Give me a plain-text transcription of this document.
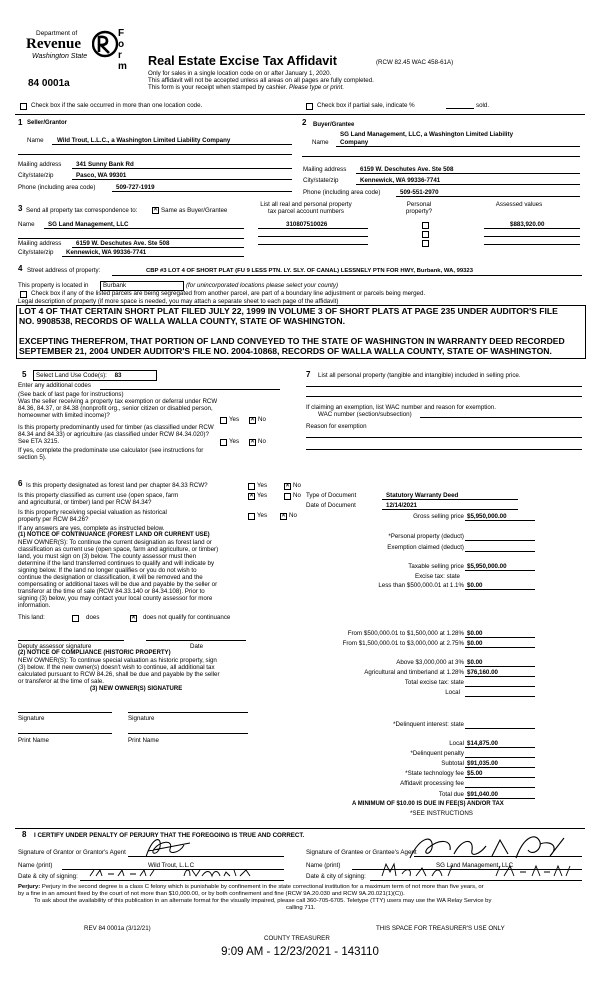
Department of
Revenue
Washington State
F
o
r
m
84 0001a
Real Estate Excise Tax Affidavit	(RCW 82.45 WAC 458-61A)
Only for sales in a single location code on or after January 1, 2020.
This affidavit will not be accepted unless all areas on all pages are fully completed.
This form is your receipt when stamped by cashier. Please type or print.
Check box if the sale occurred in more than one location code.	Check box if partial sale, indicate %	sold.
1 Seller/Grantor
Name Wild Trout, L.L.C., a Washington Limited Liability Company
Mailing address 341 Sunny Bank Rd
City/state/zip	Pasco, WA 99301
Phone (including area code)	509-727-1919
2 Buyer/Grantee
SG Land Management, LLC, a Washington Limited Liability
Name Company
Mailing address 6159 W. Deschutes Ave. Ste 508
City/state/zip	Kennewick, WA 99336-7741
Phone (including area code)	509-551-2970
3 Send all property tax correspondence to:	✕ Same as Buyer/Grantee
Name SG Land Management, LLC
Mailing address 6159 W. Deschutes Ave. Ste 508
City/state/zip Kennewick, WA 99336-7741
List all real and personal property tax parcel account numbers
Personal property?
Assessed values
310807510026	$883,920.00
4 Street address of property:	CBP #3 LOT 4 OF SHORT PLAT (FU 9 LESS PTN. LY. SLY. OF CANAL) LESSNELY PTN FOR HWY, Burbank, WA, 99323
This property is located in	Burbank	(for unincorporated locations please select your county)
Check box if any of the listed parcels are being segregated from another parcel, are part of a boundary line adjustment or parcels being merged.
Legal description of property (if more space is needed, you may attach a separate sheet to each page of the affidavit)
LOT 4 OF THAT CERTAIN SHORT PLAT FILED JULY 22, 1999 IN VOLUME 3 OF SHORT PLATS AT PAGE 235 UNDER AUDITOR'S FILE
NO. 9908538, RECORDS OF WALLA WALLA COUNTY, STATE OF WASHINGTON.
EXCEPTING THEREFROM, THAT PORTION OF LAND CONVEYED TO THE STATE OF WASHINGTON IN WARRANTY DEED RECORDED
SEPTEMBER 21, 2004 UNDER AUDITOR'S FILE NO. 2004-10868, RECORDS OF WALLA WALLA COUNTY, STATE OF WASHINGTON.
5	Select Land Use Code(s): 83
Enter any additional codes
(See back of last page for instructions)
Was the seller receiving a property tax exemption or deferral under RCW
84.36, 84.37, or 84.38 (nonprofit org., senior citizen or disabled person,
homeowner with limited income)?
Yes ✕ No
Is this property predominantly used for timber (as classified under RCW
84.34 and 84.33) or agriculture (as classified under RCW 84.34.020)?
See ETA 3215.	Yes ✕ No
If yes, complete the predominate use calculator (see instructions for
section 5).
7 List all personal property (tangible and intangible) included in selling price.
If claiming an exemption, list WAC number and reason for exemption.
WAC number (section/subsection)
Reason for exemption
6 Is this property designated as forest land per chapter 84.33 RCW?	Yes	✕ No
Is this property classified as current use (open space, farm
and agricultural, or timber) land per RCW 84.34?
✕ Yes	No
Is this property receiving special valuation as historical
property per RCW 84.26?
Yes ✕ No
If any answers are yes, complete as instructed below.
(1) NOTICE OF CONTINUANCE (FOREST LAND OR CURRENT USE)
NEW OWNER(S): To continue the current designation as forest land or
classification as current use (open space, farm and agriculture, or timber)
land, you must sign on (3) below. The county assessor must then
determine if the land transferred continues to qualify and will indicate by
signing below. If the land no longer qualifies or you do not wish to
continue the designation or classification, it will be removed and the
compensating or additional taxes will be due and payable by the seller or
transferor at the time of sale (RCW 84.33.140 or 84.34.108). Prior to
signing (3) below, you may contact your local county assessor for more
information.
This land:	does	✕ does not qualify for continuance
Deputy assessor signature	Date
(2) NOTICE OF COMPLIANCE (HISTORIC PROPERTY)
NEW OWNER(S): To continue special valuation as historic property, sign
(3) below. If the new owner(s) doesn't wish to continue, all additional tax
calculated pursuant to RCW 84.26, shall be due and payable by the seller
or transferor at the time of sale.
(3) NEW OWNER(S) SIGNATURE
Signature	Signature
Print Name	Print Name
Type of Document	Statutory Warranty Deed
Date of Document	12/14/2021
Gross selling price $5,950,000.00
*Personal property (deduct)
Exemption claimed (deduct)
Taxable selling price $5,950,000.00
Excise tax: state
Less than $500,000.01 at 1.1% $0.00
From $500,000.01 to $1,500,000 at 1.28% $0.00
From $1,500,000.01 to $3,000,000 at 2.75% $0.00
Above $3,000,000 at 3% $0.00
Agricultural and timberland at 1.28% $76,160.00
Total excise tax: state
Local
*Delinquent interest: state
Local $14,875.00
*Delinquent penalty
Subtotal $91,035.00
*State technology fee $5.00
Affidavit processing fee
Total due $91,040.00
A MINIMUM OF $10.00 IS DUE IN FEE(S) AND/OR TAX
*SEE INSTRUCTIONS
8 I CERTIFY UNDER PENALTY OF PERJURY THAT THE FOREGOING IS TRUE AND CORRECT.
Signature of Grantor or Grantor's Agent
Name (print)	Wild Trout, L.L.C
Date & city of signing:
Signature of Grantee or Grantee's Agent
Name (print)	SG Land Management, LLC
Date & city of signing:
Perjury: Perjury in the second degree is a class C felony which is punishable by confinement in the state correctional institution for a maximum term of not more than five years, or
by a fine in an amount fixed by the court of not more than $10,000.00, or by both confinement and fine (RCW 9A.20.030 and RCW 9A.20.021(1)(C)).
To ask about the availability of this publication in an alternate format for the visually impaired, please call 360-705-6705. Teletype (TTY) users may use the WA Relay Service by
calling 711.
REV 84 0001a (3/12/21)	THIS SPACE FOR TREASURER'S USE ONLY
COUNTY TREASURER
9:09 AM - 12/23/2021 - 143110
